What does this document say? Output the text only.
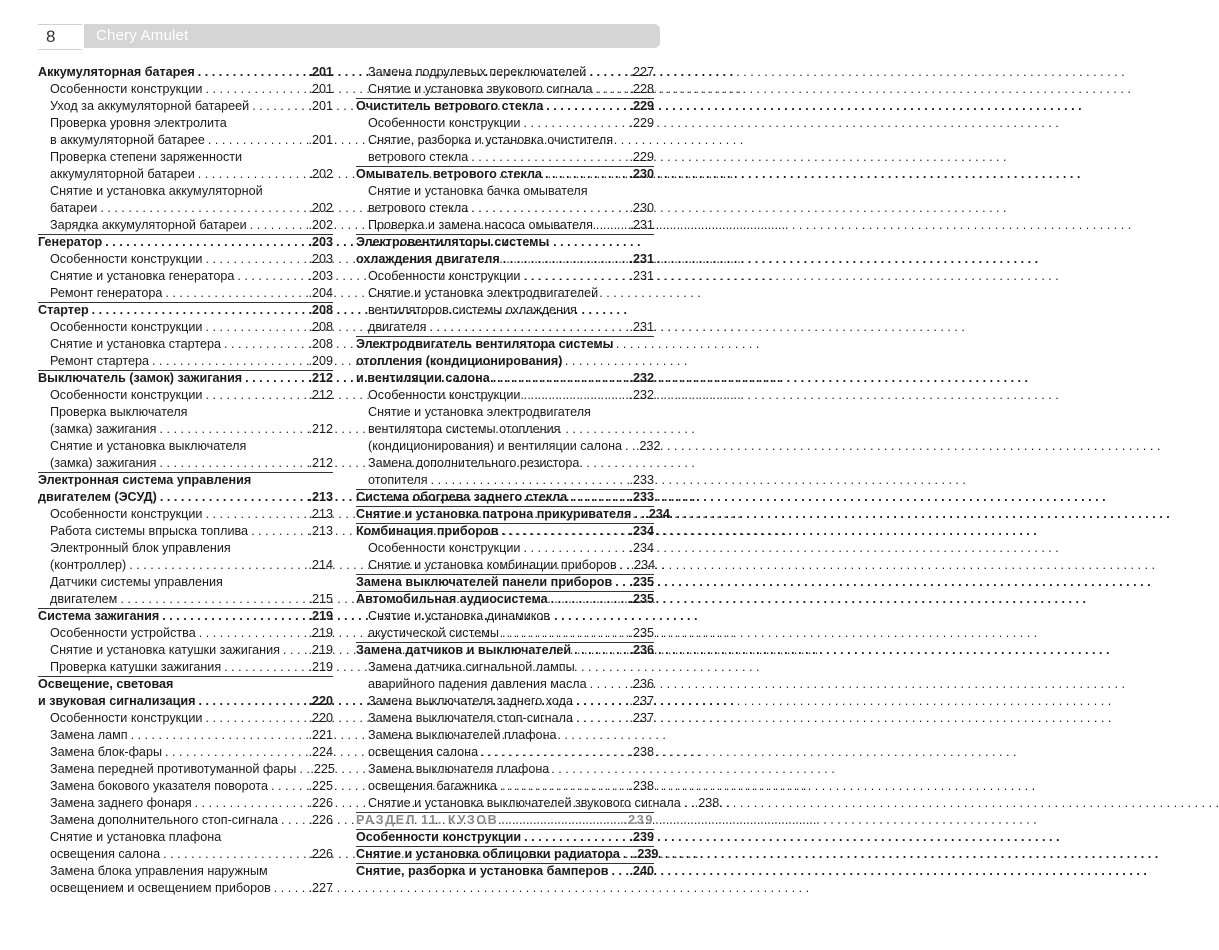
8	Chery Amulet
Аккумуляторная батарея . . .	.201
Особенности конструкции . . .	.201
Уход за аккумуляторной батареей . . .	.201
Проверка уровня электролита
в аккумуляторной батарее . . .	.201
Проверка степени заряженности
аккумуляторной батареи . . .	.202
Снятие и установка аккумуляторной
батареи . . .	.202
Зарядка аккумуляторной батареи . . .	.202
Генератор . . .	.203
Особенности конструкции . . .	.203
Снятие и установка генератора . . .	.203
Ремонт генератора . . .	.204
Стартер . . .	.208
Особенности конструкции . . .	.208
Снятие и установка стартера . . .	.208
Ремонт стартера . . .	.209
Выключатель (замок) зажигания . . .	.212
Особенности конструкции . . .	.212
Проверка выключателя
(замка) зажигания . . .	.212
Снятие и установка выключателя
(замка) зажигания . . .	.212
Электронная система управления
двигателем (ЭСУД) . . .	.213
Особенности конструкции . . .	.213
Работа системы впрыска топлива . . .	.213
Электронный блок управления
(контроллер) . . .	.214
Датчики системы управления
двигателем . . .	.215
Система зажигания . . .	.219
Особенности устройства . . .	.219
Снятие и установка катушки зажигания . . . .219
Проверка катушки зажигания . . .	.219
Освещение, световая
и звуковая сигнализация . . .	.220
Особенности конструкции . . .	.220
Замена ламп . . .	.221
Замена блок-фары . . .	.224
Замена передней противотуманной фары . . . .225
Замена бокового указателя поворота . . .	.225
Замена заднего фонаря . . .	.226
Замена дополнительного стоп-сигнала . . . .226
Снятие и установка плафона
освещения салона . . .	.226
Замена блока управления наружным
освещением и освещением приборов . . .	.227
Замена подрулевых переключателей . . .	.227
Снятие и установка звукового сигнала . . .	.228
Очиститель ветрового стекла . . .	.229
Особенности конструкции . . .	.229
Снятие, разборка и установка очистителя
ветрового стекла . . .	.229
Омыватель ветрового стекла . . .	.230
Снятие и установка бачка омывателя
ветрового стекла . . .	.230
Проверка и замена насоса омывателя . . .	.231
Электровентиляторы системы
охлаждения двигателя . . .	.231
Особенности конструкции . . .	.231
Снятие и установка электродвигателей
вентиляторов системы охлаждения
двигателя . . .	.231
Электродвигатель вентилятора системы
отопления (кондиционирования)
и вентиляции салона . . .	.232
Особенности конструкции . . .	.232
Снятие и установка электродвигателя
вентилятора системы отопления
(кондиционирования) и вентиляции салона . . . .232
Замена дополнительного резистора
отопителя . . .	.233
Система обогрева заднего стекла . . .	.233
Снятие и установка патрона прикуривателя . . . .234
Комбинация приборов . . .	.234
Особенности конструкции . . .	.234
Снятие и установка комбинации приборов . . . .234
Замена выключателей панели приборов . . . .235
Автомобильная аудиосистема . . .	.235
Снятие и установка динамиков
акустической системы . . .	.235
Замена датчиков и выключателей . . .	.236
Замена датчика сигнальной лампы
аварийного падения давления масла . . .	.236
Замена выключателя заднего хода . . .	.237
Замена выключателя стоп-сигнала . . .	.237
Замена выключателей плафона
освещения салона . . .	.238
Замена выключателя плафона
освещения багажника . . .	.238
Снятие и установка выключателей звукового сигнала . . . .238
РАЗДЕЛ 11. КУЗОВ . . .	.239
Особенности конструкции . . .	.239
Снятие и установка облицовки радиатора . . . .239
Снятие, разборка и установка бамперов . . . .240
